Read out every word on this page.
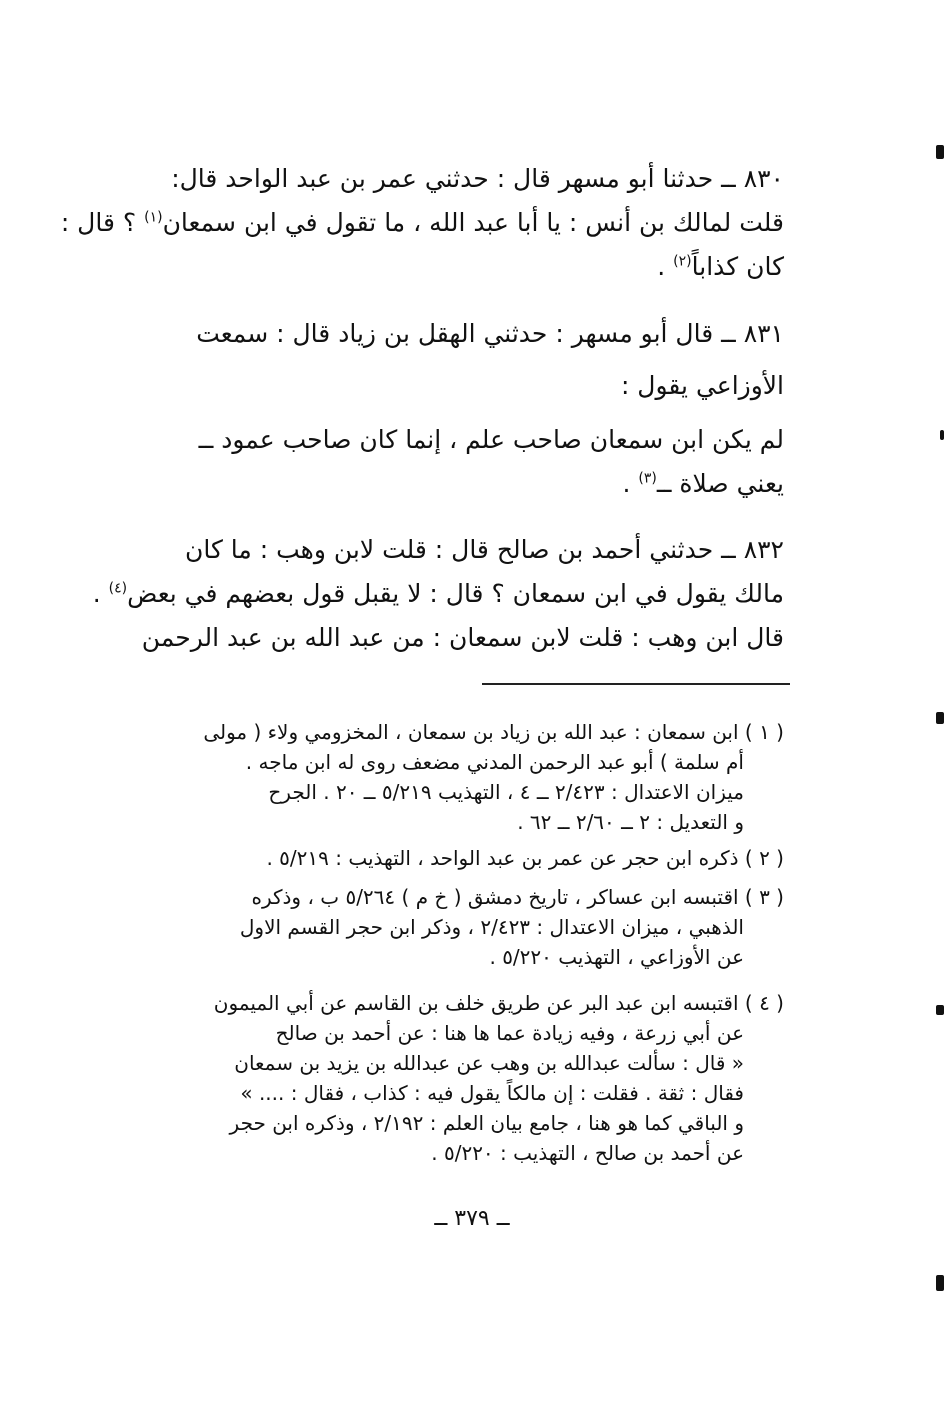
٨٣٠ ــ حدثنا أبو مسهر قال : حدثني عمر بن عبد الواحد قال:
قلت لمالك بن أنس : يا أبا عبد الله ، ما تقول في ابن سمعان$^{(١)}$ ؟ قال :
كان كذاباً$^{(٢)}$ .

٨٣١ ــ قال أبو مسهر : حدثني الهقل بن زياد قال : سمعت
الأوزاعي يقول :

لم يكن ابن سمعان صاحب علم ، إنما كان صاحب عمود ــ
يعني صلاة ــ$^{(٣)}$ .

٨٣٢ ــ حدثني أحمد بن صالح قال : قلت لابن وهب : ما كان
مالك يقول في ابن سمعان ؟ قال : لا يقبل قول بعضهم في بعض$^{(٤)}$ .
قال ابن وهب : قلت لابن سمعان : من عبد الله بن عبد الرحمن

( ١ ) ابن سمعان : عبد الله بن زياد بن سمعان ، المخزومي ولاء ( مولى
أم سلمة ) أبو عبد الرحمن المدني مضعف روى له ابن ماجه .
ميزان الاعتدال : ٢/٤٢٣ ــ ٤ ، التهذيب ٥/٢١٩ ــ ٢٠ . الجرح
و التعديل : ٢ ــ ٢/٦٠ ــ ٦٢ .
( ٢ ) ذكره ابن حجر عن عمر بن عبد الواحد ، التهذيب : ٥/٢١٩ .
( ٣ ) اقتبسه ابن عساكر ، تاريخ دمشق ( خ م ) ٥/٢٦٤ ب ، وذكره
الذهبي ، ميزان الاعتدال : ٢/٤٢٣ ، وذكر ابن حجر القسم الاول
عن الأوزاعي ، التهذيب ٥/٢٢٠ .
( ٤ ) اقتبسه ابن عبد البر عن طريق خلف بن القاسم عن أبي الميمون
عن أبي زرعة ، وفيه زيادة عما ها هنا : عن أحمد بن صالح
« قال : سألت عبدالله بن وهب عن عبدالله بن يزيد بن سمعان
فقال : ثقة . فقلت : إن مالكاً يقول فيه : كذاب ، فقال : .... »
و الباقي كما هو هنا ، جامع بيان العلم : ٢/١٩٢ ، وذكره ابن حجر
عن أحمد بن صالح ، التهذيب : ٥/٢٢٠ .
ــ ٣٧٩ ــ
